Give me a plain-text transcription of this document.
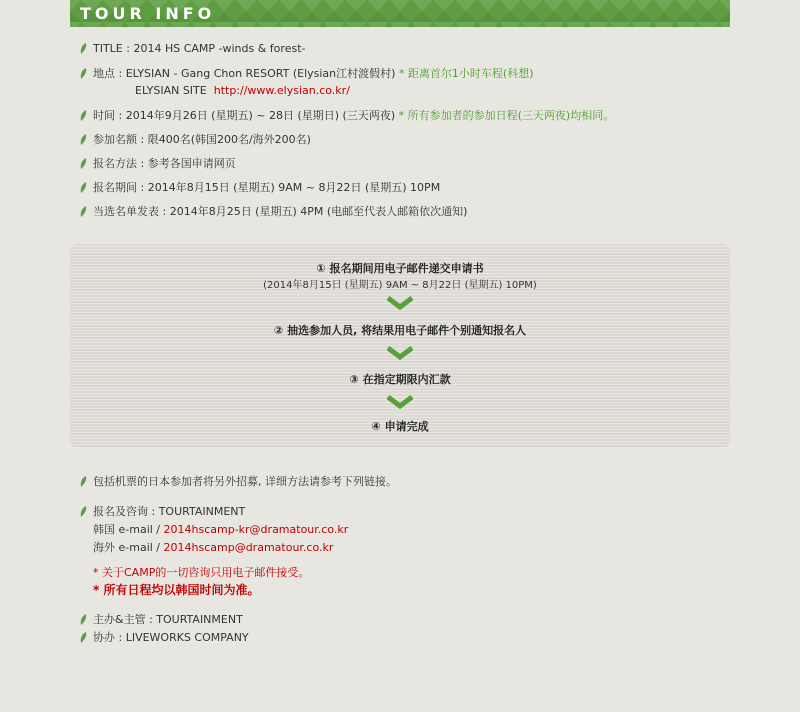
TOUR INFO
TITLE : 2014 HS CAMP -winds & forest-
地点 : ELYSIAN - Gang Chon RESORT (Elysian江村渡假村) * 距离首尔1小时车程(科想)
ELYSIAN SITE http://www.elysian.co.kr/
时间 : 2014年9月26日 (星期五) ~ 28日 (星期日) (三天两夜) * 所有参加者的参加日程(三天两夜)均相同。
参加名额 : 限400名(韩国200名/海外200名)
报名方法 : 参考各国申请网页
报名期间 : 2014年8月15日 (星期五) 9AM ~ 8月22日 (星期五) 10PM
当选名单发表 : 2014年8月25日 (星期五) 4PM (电邮至代表人邮箱依次通知)
① 报名期间用电子邮件递交申请书
(2014年8月15日 (星期五) 9AM ~ 8月22日 (星期五) 10PM)
② 抽选参加人员, 将结果用电子邮件个别通知报名人
③ 在指定期限内汇款
④ 申请完成
包括机票的日本参加者将另外招募, 详细方法请参考下列链接。
报名及咨询 : TOURTAINMENT
韩国 e-mail / 2014hscamp-kr@dramatour.co.kr
海外 e-mail / 2014hscamp@dramatour.co.kr
* 关于CAMP的一切咨询只用电子邮件接受。
* 所有日程均以韩国时间为准。
主办&主管 : TOURTAINMENT
协办 : LIVEWORKS COMPANY
